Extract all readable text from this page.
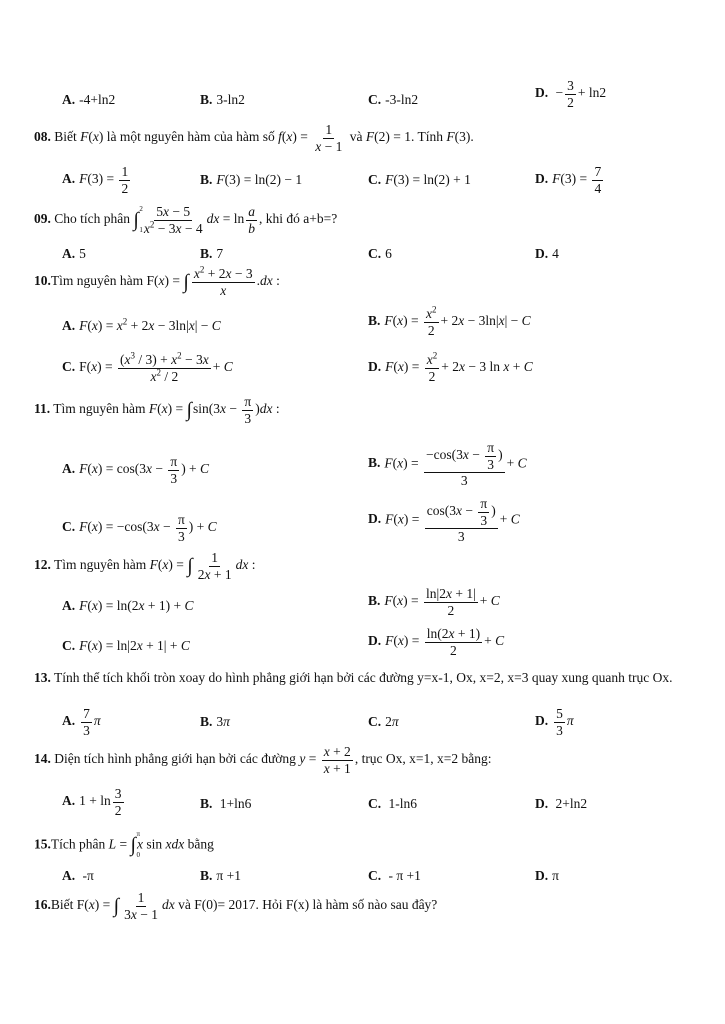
A. -4+ln2	B. 3-ln2	C. -3-ln2	D. − $\frac{3}{2} + \ln 2$
08. Biết F(x) là một nguyên hàm của hàm số $f(x) = \frac{1}{x - 1}$ và F(2) = 1. Tính F(3).
A. $F(3) = \frac{1}{2}$	B. F(3) = ln(2) − 1	C. F(3) = ln(2) + 1	D. $F(3) = \frac{7}{4}$
09. Cho tích phân ∫ 2
1
$\frac{5x - 5}{x^2 - 3x - 4}$ dx = $\ln \frac{a}{b}$ , khi đó a+b=?
A. 5	B. 7	C. 6	D. 4
10.Tìm nguyên hàm F(x) = ∫ $\frac{x^2 + 2x - 3}{x} .dx$ :
A. $F(x) = x^2 + 2x - 3\ln|x| - C$	B. $F(x) = \frac{x^2}{2} + 2x - 3\ln|x| - C$
C. $F(x) = \frac{(x^3 / 3) + x^2 - 3x}{x^2 / 2} + C$	D. $F(x) = \frac{x^2}{2} + 2x - 3$ ln x + C
11. Tìm nguyên hàm $F(x) = \int\sin(3x - \frac{\pi}{3} )dx$ :
A. $F(x) = \cos(3x - \frac{\pi}{3}$ ) + C	B. $F(x) = \frac{-\cos(3x - \frac{\pi}{3} )}{3} + C$
C. $F(x) = -\cos(3x - \frac{\pi}{3}$ ) + C
D. $F(x) = \frac{\cos(3x - \frac{\pi}{3} )}{3} + C$
12. Tìm nguyên hàm F(x) = ∫ $\frac{1}{2x + 1}$ dx :
A. F(x) = ln(2x + 1) + C	B. $F(x) = \frac{\ln|2x + 1|}{2} + C$
C. F(x) = ln|2x + 1| + C	D. $F(x) = \frac{\ln(2x + 1)}{2} + C$
13. Tính thể tích khối tròn xoay do hình phẳng giới hạn bởi các đường y=x-1, Ox, x=2, x=3 quay xung quanh trục Ox.
A. $\frac{7}{3}$ π	B. 3π	C. 2π	D. $\frac{5}{3}$ π
14. Diện tích hình phẳng giới hạn bởi các đường $y = \frac{x + 2}{x + 1}$ , trục Ox, x=1, x=2 bằng:
A. $1 + \ln \frac{3}{2}$	B. 1+ln6	C. 1-ln6	D. 2+ln2
15.Tích phân L = ∫ π
0
x sin xdx bằng
A. -π	B. π +1	C. - π +1	D. π
16.Biết F(x) = ∫ $\frac{1}{3x - 1}$ dx và F(0)= 2017. Hỏi F(x) là hàm số nào sau đây?
